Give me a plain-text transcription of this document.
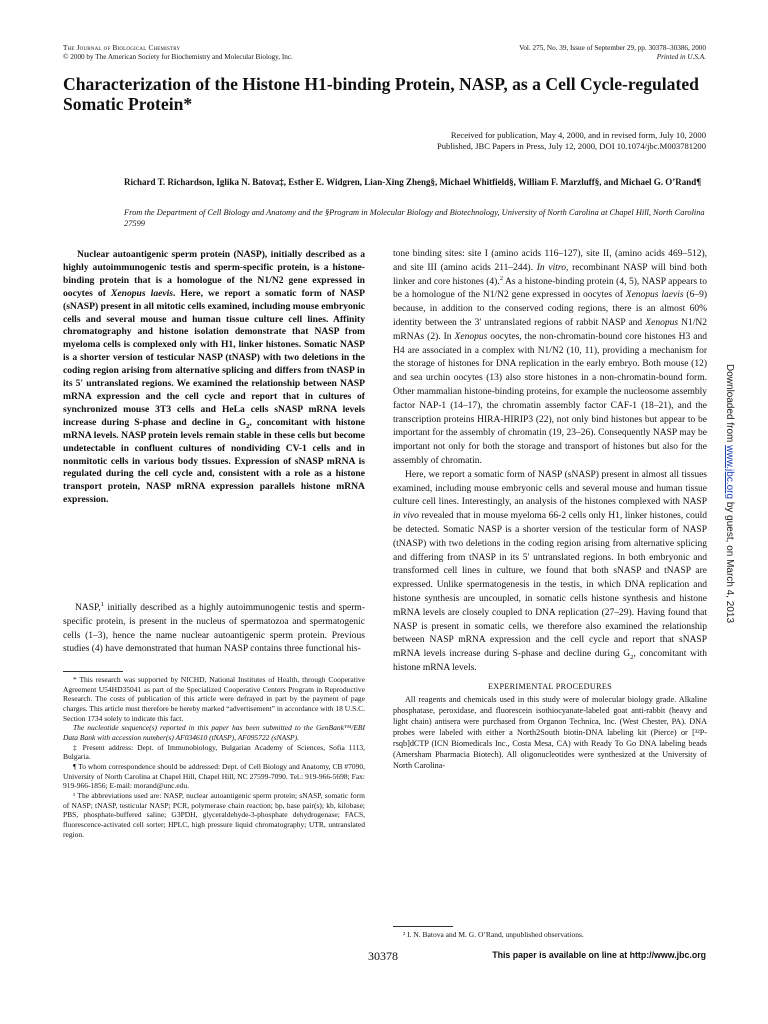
The Journal of Biological Chemistry
© 2000 by The American Society for Biochemistry and Molecular Biology, Inc.
Vol. 275, No. 39, Issue of September 29, pp. 30378–30386, 2000
Printed in U.S.A.
Characterization of the Histone H1-binding Protein, NASP, as a Cell Cycle-regulated Somatic Protein*
Received for publication, May 4, 2000, and in revised form, July 10, 2000
Published, JBC Papers in Press, July 12, 2000, DOI 10.1074/jbc.M003781200
Richard T. Richardson, Iglika N. Batova‡, Esther E. Widgren, Lian-Xing Zheng§, Michael Whitfield§, William F. Marzluff§, and Michael G. O’Rand¶
From the Department of Cell Biology and Anatomy and the §Program in Molecular Biology and Biotechnology, University of North Carolina at Chapel Hill, North Carolina 27599

Nuclear autoantigenic sperm protein (NASP), initially described as a highly autoimmunogenic testis and sperm-specific protein, is a histone-binding protein that is a homologue of the N1/N2 gene expressed in oocytes of Xenopus laevis. Here, we report a somatic form of NASP (sNASP) present in all mitotic cells examined, including mouse embryonic cells and several mouse and human tissue culture cell lines. Affinity chromatography and histone isolation demonstrate that NASP from myeloma cells is complexed only with H1, linker histones. Somatic NASP is a shorter version of testicular NASP (tNASP) with two deletions in the coding region arising from alternative splicing and differs from tNASP in its 5′ untranslated regions. We examined the relationship between NASP mRNA expression and the cell cycle and report that in cultures of synchronized mouse 3T3 cells and HeLa cells sNASP mRNA levels increase during S-phase and decline in $G_2$, concomitant with histone mRNA levels. NASP protein levels remain stable in these cells but become undetectable in confluent cultures of nondividing CV-1 cells and in nonmitotic cells in various body tissues. Expression of sNASP mRNA is regulated during the cell cycle and, consistent with a role as a histone transport protein, NASP mRNA expression parallels histone mRNA expression.

NASP,$^1$ initially described as a highly autoimmunogenic testis and sperm-specific protein, is present in the nucleus of spermatozoa and spermatogenic cells (1–3), hence the name nuclear autoantigenic sperm protein. Previous studies (4) have demonstrated that human NASP contains three functional his-

* This research was supported by NICHD, National Institutes of Health, through Cooperative Agreement U54HD35041 as part of the Specialized Cooperative Centers Program in Reproductive Research. The costs of publication of this article were defrayed in part by the payment of page charges. This article must therefore be hereby marked “advertisement” in accordance with 18 U.S.C. Section 1734 solely to indicate this fact.

The nucleotide sequence(s) reported in this paper has been submitted to the GenBank™/EBI Data Bank with accession number(s) AF034610 (tNASP), AF095722 (sNASP).

‡ Present address: Dept. of Immunobiology, Bulgarian Academy of Sciences, Sofia 1113, Bulgaria.

¶ To whom correspondence should be addressed: Dept. of Cell Biology and Anatomy, CB #7090, University of North Carolina at Chapel Hill, Chapel Hill, NC 27599-7090. Tel.: 919-966-5698; Fax: 919-966-1856; E-mail: morand@unc.edu.

¹ The abbreviations used are: NASP, nuclear autoantigenic sperm protein; sNASP, somatic form of NASP; tNASP, testicular NASP; PCR, polymerase chain reaction; bp, base pair(s); kb, kilobase; PBS, phosphate-buffered saline; G3PDH, glyceraldehyde-3-phosphate dehydrogenase; FACS, fluorescence-activated cell sorter; HPLC, high pressure liquid chromatography; UTR, untranslated region.

tone binding sites: site I (amino acids 116–127), site II, (amino acids 469–512), and site III (amino acids 211–244). In vitro, recombinant NASP will bind both linker and core histones (4).$^2$ As a histone-binding protein (4, 5), NASP appears to be a homologue of the N1/N2 gene expressed in oocytes of Xenopus laevis (6–9) because, in addition to the conserved coding regions, there is an almost 60% identity between the 3′ untranslated regions of rabbit NASP and Xenopus N1/N2 mRNAs (2). In Xenopus oocytes, the non-chromatin-bound core histones H3 and H4 are associated in a complex with N1/N2 (10, 11), providing a mechanism for the storage of histones for DNA replication in the early embryo. Both mouse (12) and sea urchin oocytes (13) also store histones in a non-chromatin-bound form. Other mammalian histone-binding proteins, for example the nucleosome assembly factor NAP-1 (14–17), the chromatin assembly factor CAF-1 (18–21), and the transcription proteins HIRA-HIRIP3 (22), not only bind histones but appear to be important for the assembly of chromatin (19, 23–26). Consequently NASP may be important not only for both the storage and transport of histones but also for the assembly of chromatin.

Here, we report a somatic form of NASP (sNASP) present in almost all tissues examined, including mouse embryonic cells and several mouse and human tissue culture cell lines. Interestingly, an analysis of the histones complexed with NASP in vivo revealed that in mouse myeloma 66-2 cells only H1, linker histones, could be detected. Somatic NASP is a shorter version of the testicular form of NASP (tNASP) with two deletions in the coding region arising from alternative splicing and differing from tNASP in its 5′ untranslated regions. In both embryonic and transformed cell lines in culture, we found that both sNASP and tNASP are expressed. Unlike spermatogenesis in the testis, in which DNA replication and histone synthesis are uncoupled, in somatic cells histone synthesis and histone mRNA levels are closely coupled to DNA replication (27–29). Having found that NASP is present in somatic cells, we therefore also examined the relationship between NASP mRNA expression and the cell cycle and report that sNASP mRNA levels increase during S-phase and decline during $G_2$, concomitant with histone mRNA levels.

EXPERIMENTAL PROCEDURES

All reagents and chemicals used in this study were of molecular biology grade. Alkaline phosphatase, peroxidase, and fluorescein isothiocyanate-labeled goat anti-rabbit (heavy and light chain) antisera were purchased from Organon Technica, Inc. (West Chester, PA). DNA probes were labeled with either a North2South biotin-DNA labeling kit (Pierce) or [³²P-rsqb]dCTP (ICN Biomedicals Inc., Costa Mesa, CA) with Ready To Go DNA labeling beads (Amersham Pharmacia Biotech). All oligonucleotides were synthesized at the University of North Carolina-

² I. N. Batova and M. G. O’Rand, unpublished observations.
30378	This paper is available on line at http://www.jbc.org
Downloaded from www.jbc.org by guest, on March 4, 2013
